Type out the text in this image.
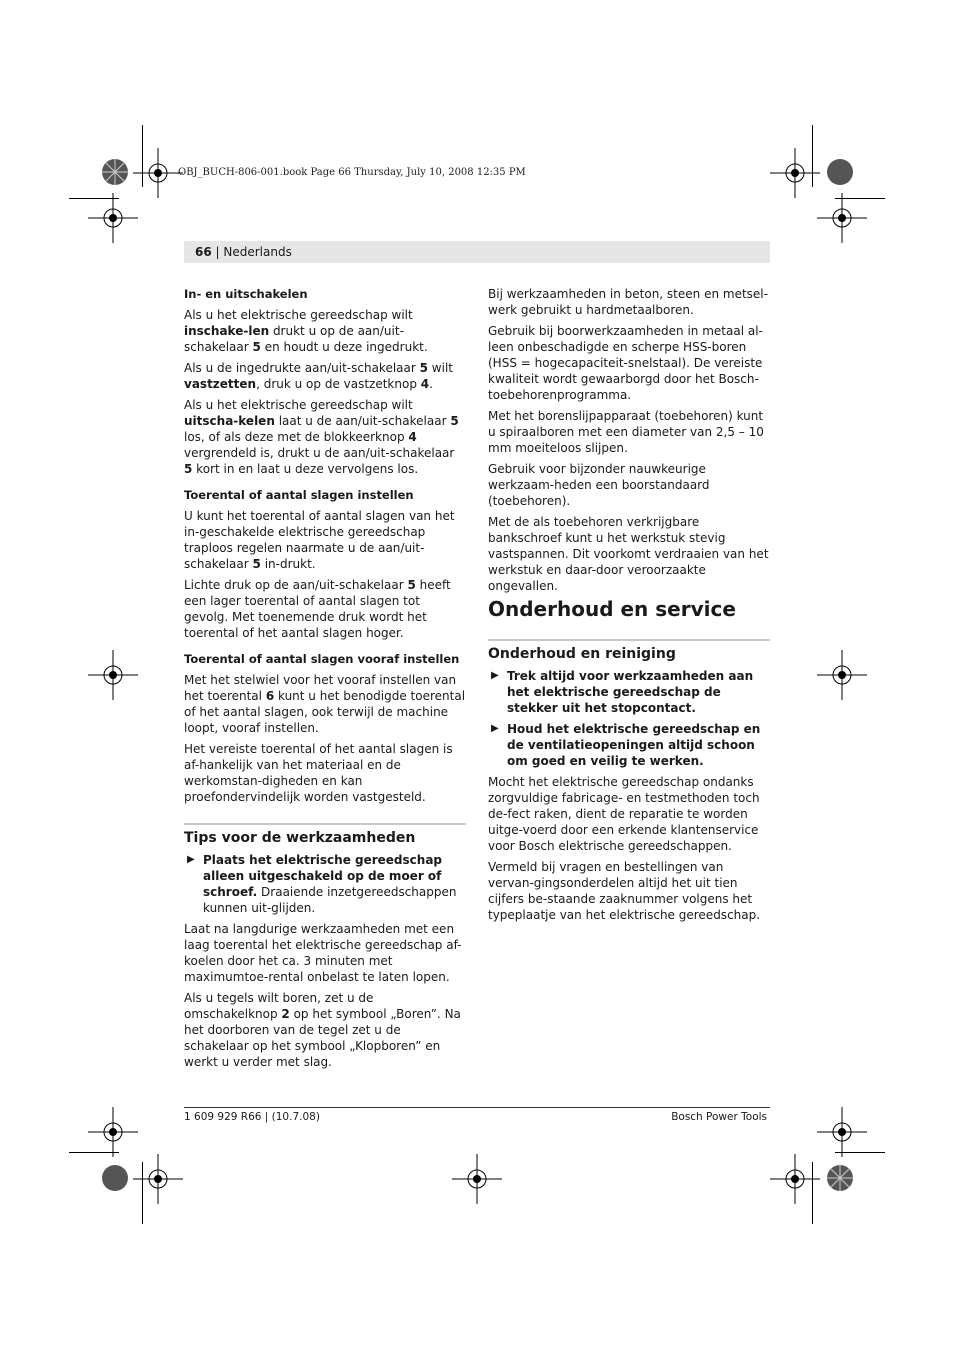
OBJ_BUCH-806-001.book Page 66 Thursday, July 10, 2008 12:35 PM
66 | Nederlands
In- en uitschakelen

Als u het elektrische gereedschap wilt inschake-len drukt u op de aan/uit-schakelaar 5 en houdt u deze ingedrukt.

Als u de ingedrukte aan/uit-schakelaar 5 wilt vastzetten, druk u op de vastzetknop 4.

Als u het elektrische gereedschap wilt uitscha-kelen laat u de aan/uit-schakelaar 5 los, of als deze met de blokkeerknop 4 vergrendeld is, drukt u de aan/uit-schakelaar 5 kort in en laat u deze vervolgens los.

Toerental of aantal slagen instellen

U kunt het toerental of aantal slagen van het in-geschakelde elektrische gereedschap traploos regelen naarmate u de aan/uit-schakelaar 5 in-drukt.

Lichte druk op de aan/uit-schakelaar 5 heeft een lager toerental of aantal slagen tot gevolg. Met toenemende druk wordt het toerental of het aantal slagen hoger.

Toerental of aantal slagen vooraf instellen

Met het stelwiel voor het vooraf instellen van het toerental 6 kunt u het benodigde toerental of het aantal slagen, ook terwijl de machine loopt, vooraf instellen.

Het vereiste toerental of het aantal slagen is af-hankelijk van het materiaal en de werkomstan-digheden en kan proefondervindelijk worden vastgesteld.

Tips voor de werkzaamheden
▶ Plaats het elektrische gereedschap alleen uitgeschakeld op de moer of schroef. Draaiende inzetgereedschappen kunnen uit-glijden.

Laat na langdurige werkzaamheden met een laag toerental het elektrische gereedschap af-koelen door het ca. 3 minuten met maximumtoe-rental onbelast te laten lopen.

Als u tegels wilt boren, zet u de omschakelknop 2 op het symbool „Boren”. Na het doorboren van de tegel zet u de schakelaar op het symbool „Klopboren” en werkt u verder met slag.

Bij werkzaamheden in beton, steen en metsel-werk gebruikt u hardmetaalboren.

Gebruik bij boorwerkzaamheden in metaal al-leen onbeschadigde en scherpe HSS-boren (HSS = hogecapaciteit-snelstaal). De vereiste kwaliteit wordt gewaarborgd door het Bosch-toebehorenprogramma.

Met het borenslijpapparaat (toebehoren) kunt u spiraalboren met een diameter van 2,5 – 10 mm moeiteloos slijpen.

Gebruik voor bijzonder nauwkeurige werkzaam-heden een boorstandaard (toebehoren).

Met de als toebehoren verkrijgbare bankschroef kunt u het werkstuk stevig vastspannen. Dit voorkomt verdraaien van het werkstuk en daar-door veroorzaakte ongevallen.

Onderhoud en service
Onderhoud en reiniging
▶ Trek altijd voor werkzaamheden aan het elektrische gereedschap de stekker uit het stopcontact.
▶ Houd het elektrische gereedschap en de ventilatieopeningen altijd schoon om goed en veilig te werken.

Mocht het elektrische gereedschap ondanks zorgvuldige fabricage- en testmethoden toch de-fect raken, dient de reparatie te worden uitge-voerd door een erkende klantenservice voor Bosch elektrische gereedschappen.

Vermeld bij vragen en bestellingen van vervan-gingsonderdelen altijd het uit tien cijfers be-staande zaaknummer volgens het typeplaatje van het elektrische gereedschap.

1 609 929 R66 | (10.7.08)	Bosch Power Tools
